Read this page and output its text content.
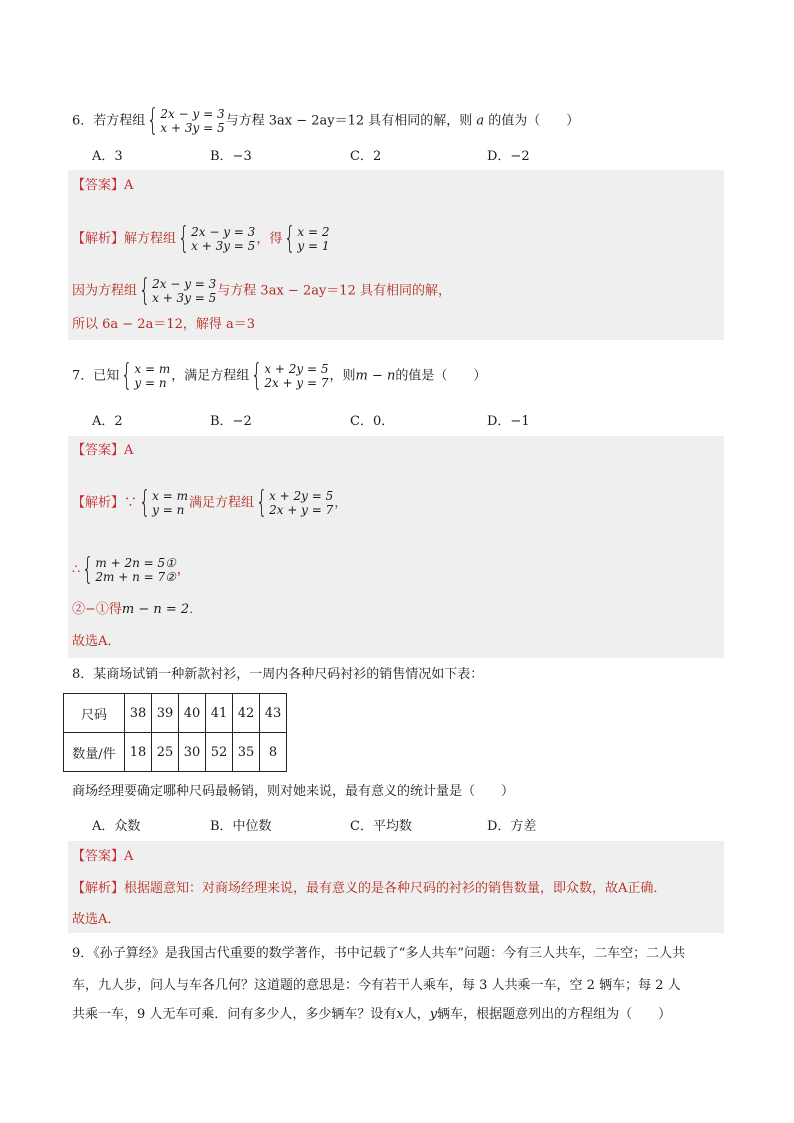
6．若方程组 { 2x − y = 3
x + 3y = 5 与方程 3ax − 2ay＝12 具有相同的解，则 a 的值为（　　）
A．3	B．−3	C．2	D．−2
【答案】A
【解析】解方程组 { 2x − y = 3
x + 3y = 5 ，得 { x = 2
y = 1
因为方程组 { 2x − y = 3
x + 3y = 5 与方程 3ax − 2ay＝12 具有相同的解，
所以 6a − 2a＝12，解得 a＝3
7．已知 { x = m
y = n ，满足方程组 { x + 2y = 5
2x + y = 7 ，则m − n的值是（　　）
A．2	B．−2	C．0．	D．−1
【答案】A
【解析】∵ { x = m
y = n 满足方程组 { x + 2y = 5
2x + y = 7 ，
∴ { m + 2n = 5①
2m + n = 7② ，
②−①得m − n = 2．
故选A．
8．某商场试销一种新款衬衫，一周内各种尺码衬衫的销售情况如下表：
尺码	38	39	40	41	42	43
数量/件	18	25	30	52	35	8
商场经理要确定哪种尺码最畅销，则对她来说，最有意义的统计量是（　　）
A．众数	B．中位数	C．平均数	D．方差
【答案】A
【解析】根据题意知：对商场经理来说，最有意义的是各种尺码的衬衫的销售数量，即众数，故A正确．
故选A．
9．《孙子算经》是我国古代重要的数学著作，书中记载了“多人共车”问题：今有三人共车，二车空；二人共
车，九人步，问人与车各几何？这道题的意思是：今有若干人乘车，每 3 人共乘一车，空 2 辆车；每 2 人
共乘一车，9 人无车可乘．问有多少人，多少辆车？设有x人，y辆车，根据题意列出的方程组为（　　）
